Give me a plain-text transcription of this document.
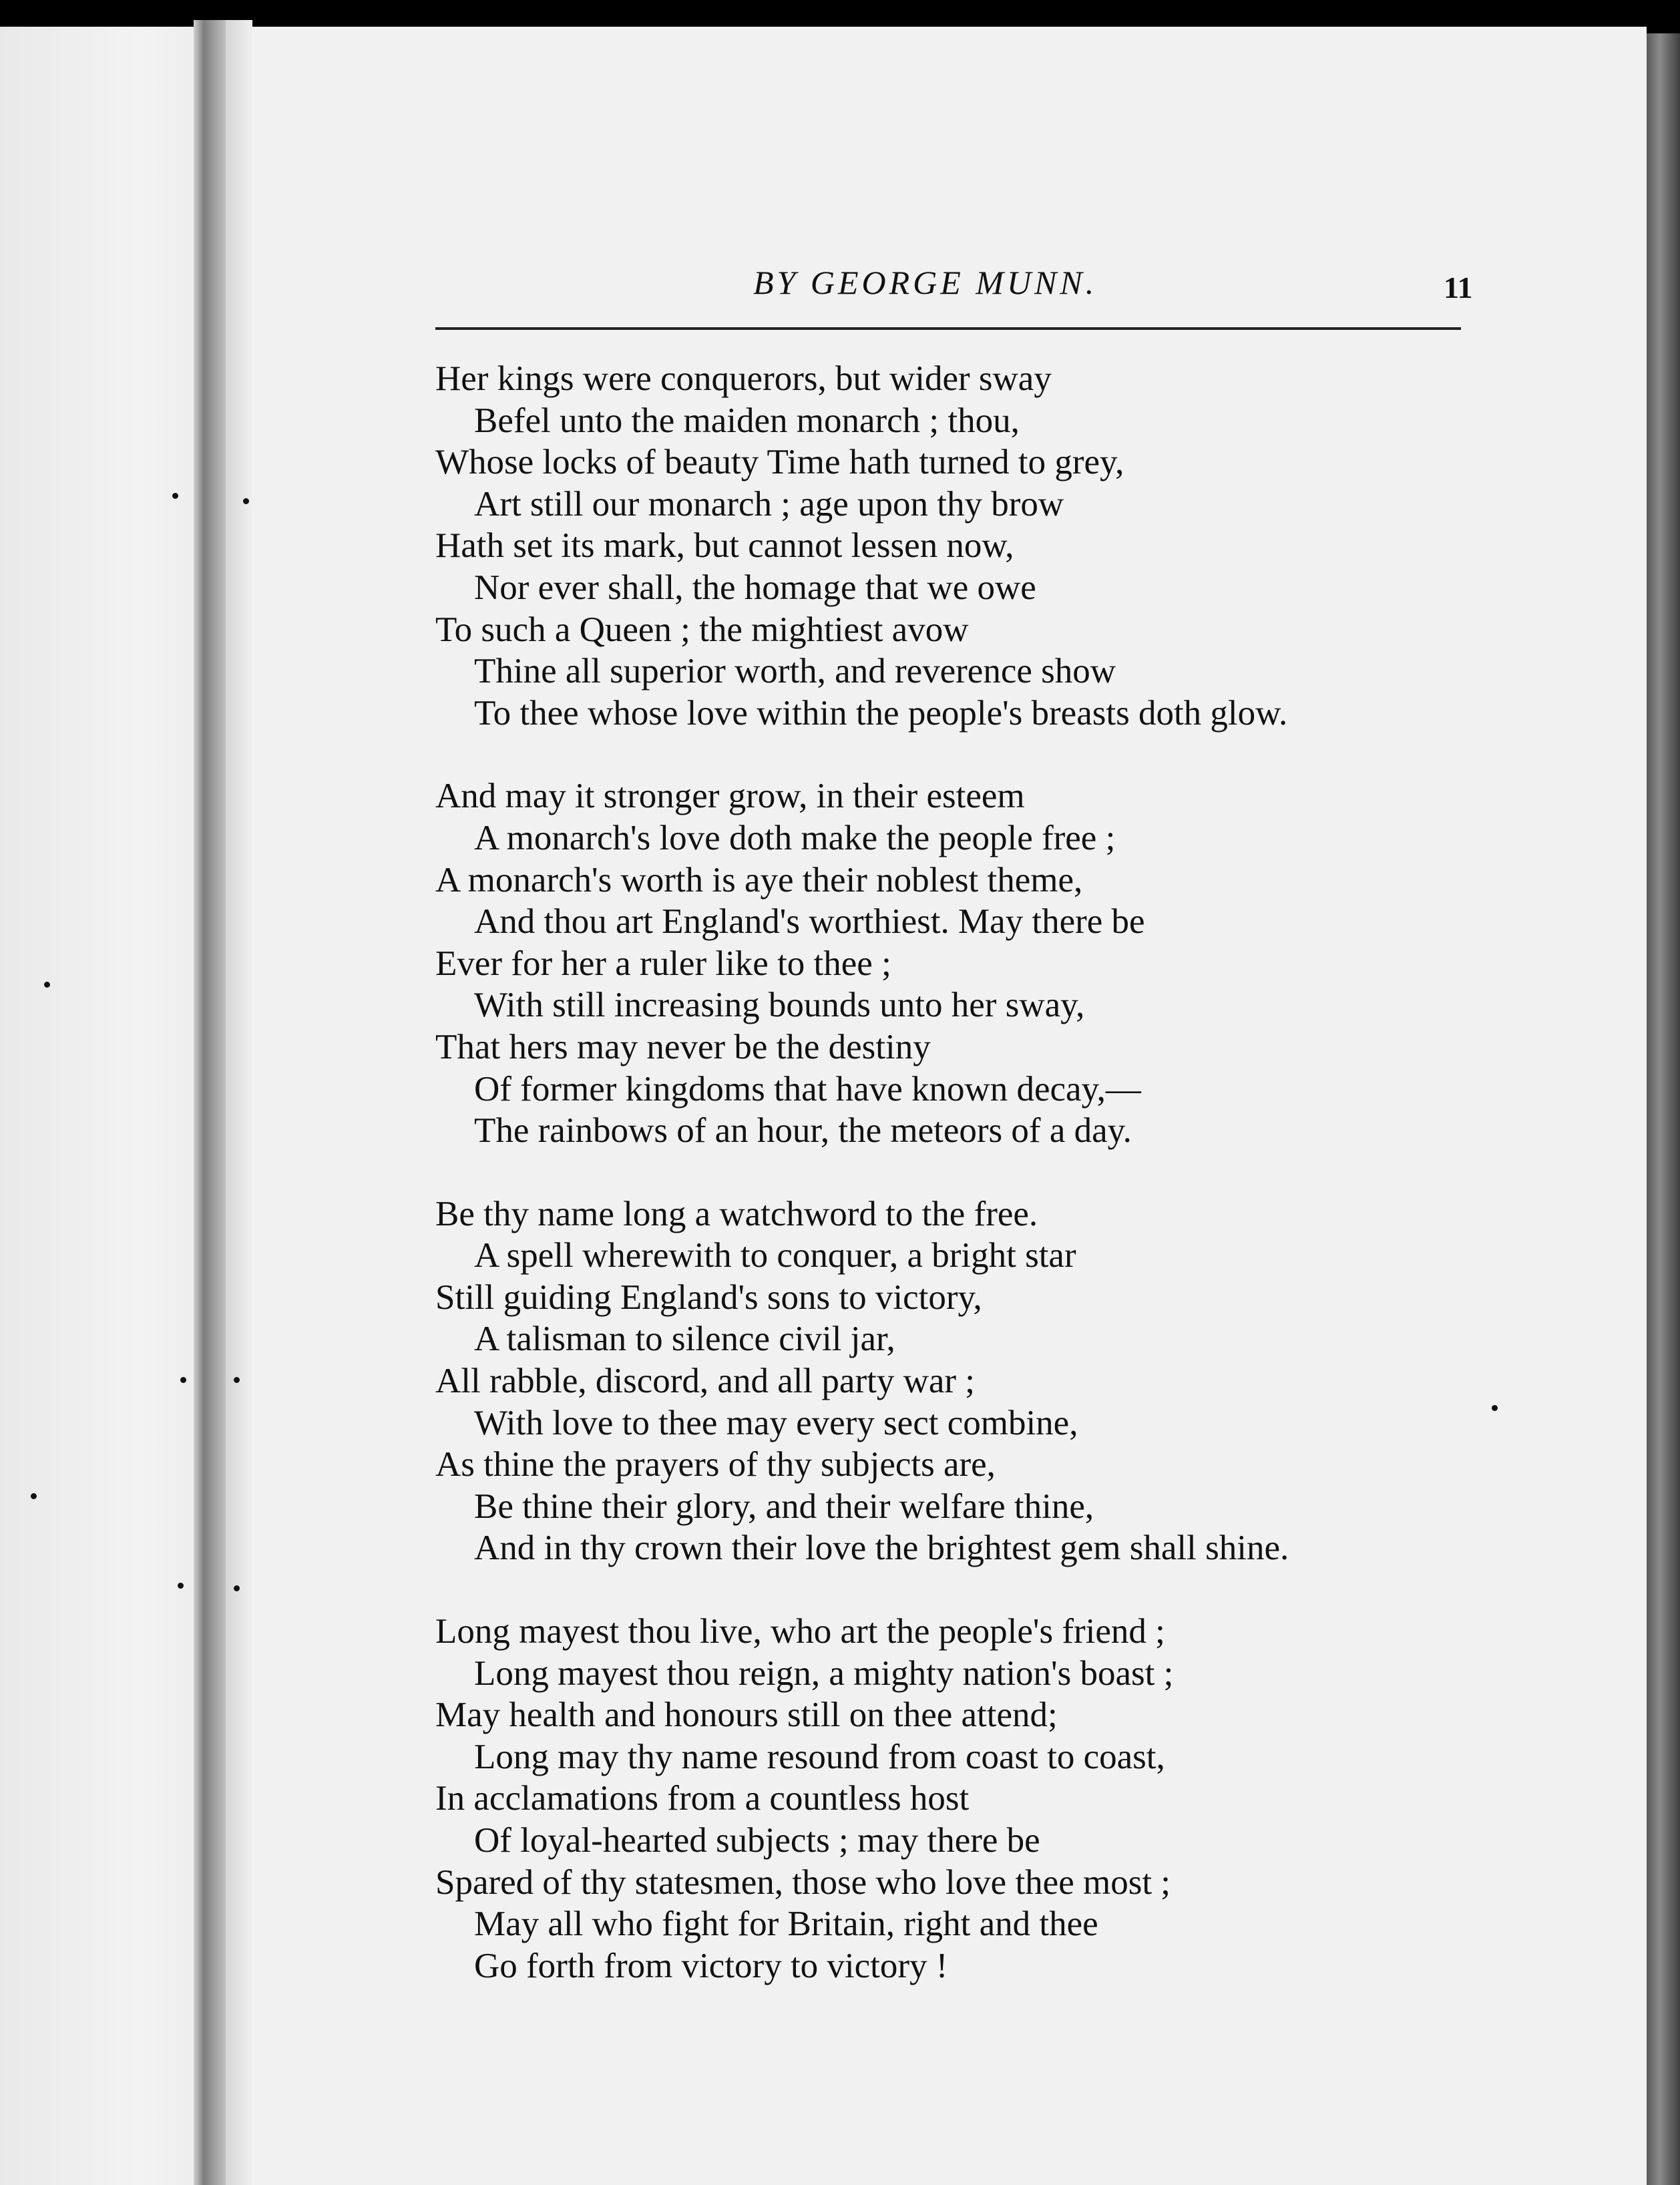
BY GEORGE MUNN.	11
Her kings were conquerors, but wider sway
Befel unto the maiden monarch ; thou,
Whose locks of beauty Time hath turned to grey,
Art still our monarch ; age upon thy brow
Hath set its mark, but cannot lessen now,
Nor ever shall, the homage that we owe
To such a Queen ; the mightiest avow
Thine all superior worth, and reverence show
To thee whose love within the people's breasts doth glow.
And may it stronger grow, in their esteem
A monarch's love doth make the people free ;
A monarch's worth is aye their noblest theme,
And thou art England's worthiest. May there be
Ever for her a ruler like to thee ;
With still increasing bounds unto her sway,
That hers may never be the destiny
Of former kingdoms that have known decay,—
The rainbows of an hour, the meteors of a day.
Be thy name long a watchword to the free.
A spell wherewith to conquer, a bright star
Still guiding England's sons to victory,
A talisman to silence civil jar,
All rabble, discord, and all party war ;
With love to thee may every sect combine,
As thine the prayers of thy subjects are,
Be thine their glory, and their welfare thine,
And in thy crown their love the brightest gem shall shine.
Long mayest thou live, who art the people's friend ;
Long mayest thou reign, a mighty nation's boast ;
May health and honours still on thee attend;
Long may thy name resound from coast to coast,
In acclamations from a countless host
Of loyal-hearted subjects ; may there be
Spared of thy statesmen, those who love thee most ;
May all who fight for Britain, right and thee
Go forth from victory to victory !
